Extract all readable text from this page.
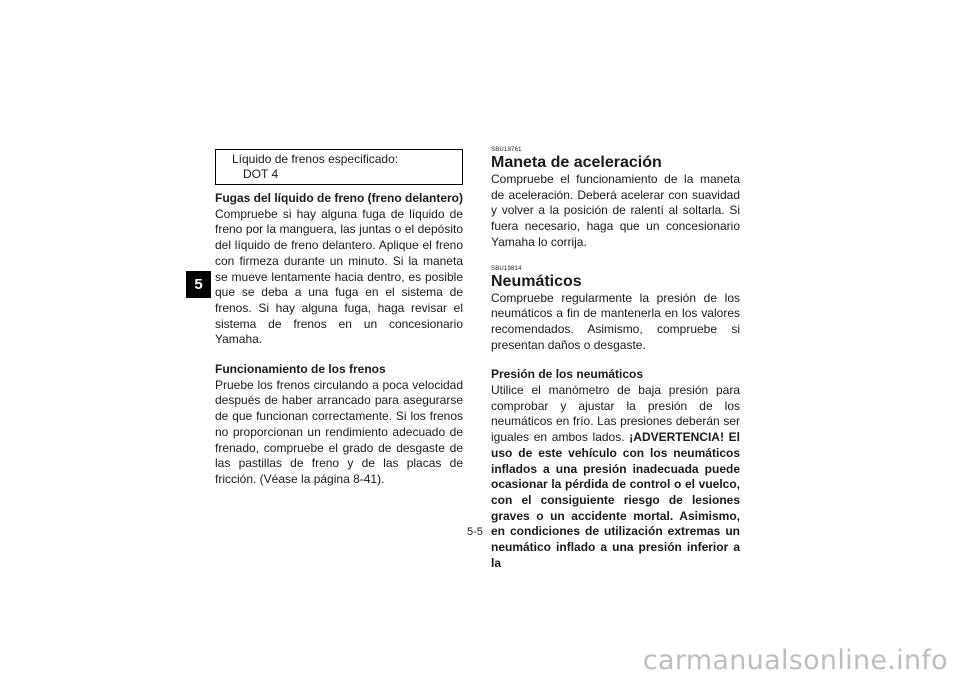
5
Líquido de frenos especificado:
DOT 4
Fugas del líquido de freno (freno delantero)
Compruebe si hay alguna fuga de líquido de freno por la manguera, las juntas o el depósito del líquido de freno delantero. Aplique el freno con firmeza durante un minuto. Si la maneta se mueve lentamente hacia dentro, es posible que se deba a una fuga en el sistema de frenos. Si hay alguna fuga, haga revisar el sistema de frenos en un concesionario Yamaha.
Funcionamiento de los frenos
Pruebe los frenos circulando a poca velocidad después de haber arrancado para asegurarse de que funcionan correctamente. Si los frenos no proporcionan un rendimiento adecuado de frenado, compruebe el grado de desgaste de las pastillas de freno y de las placas de fricción. (Véase la página 8-41).
SBU19761
Maneta de aceleración
Compruebe el funcionamiento de la maneta de aceleración. Deberá acelerar con suavidad y volver a la posición de ralentí al soltarla. Si fuera necesario, haga que un concesionario Yamaha lo corrija.
SBU19814
Neumáticos
Compruebe regularmente la presión de los neumáticos a fin de mantenerla en los valores recomendados. Asimismo, compruebe si presentan daños o desgaste.
Presión de los neumáticos
Utilice el manómetro de baja presión para comprobar y ajustar la presión de los neumáticos en frío. Las presiones deberán ser iguales en ambos lados. ¡ADVERTENCIA! El uso de este vehículo con los neumáticos inflados a una presión inadecuada puede ocasionar la pérdida de control o el vuelco, con el consiguiente riesgo de lesiones graves o un accidente mortal. Asimismo, en condiciones de utilización extremas un neumático inflado a una presión inferior a la
5-5
carmanualsonline.info
